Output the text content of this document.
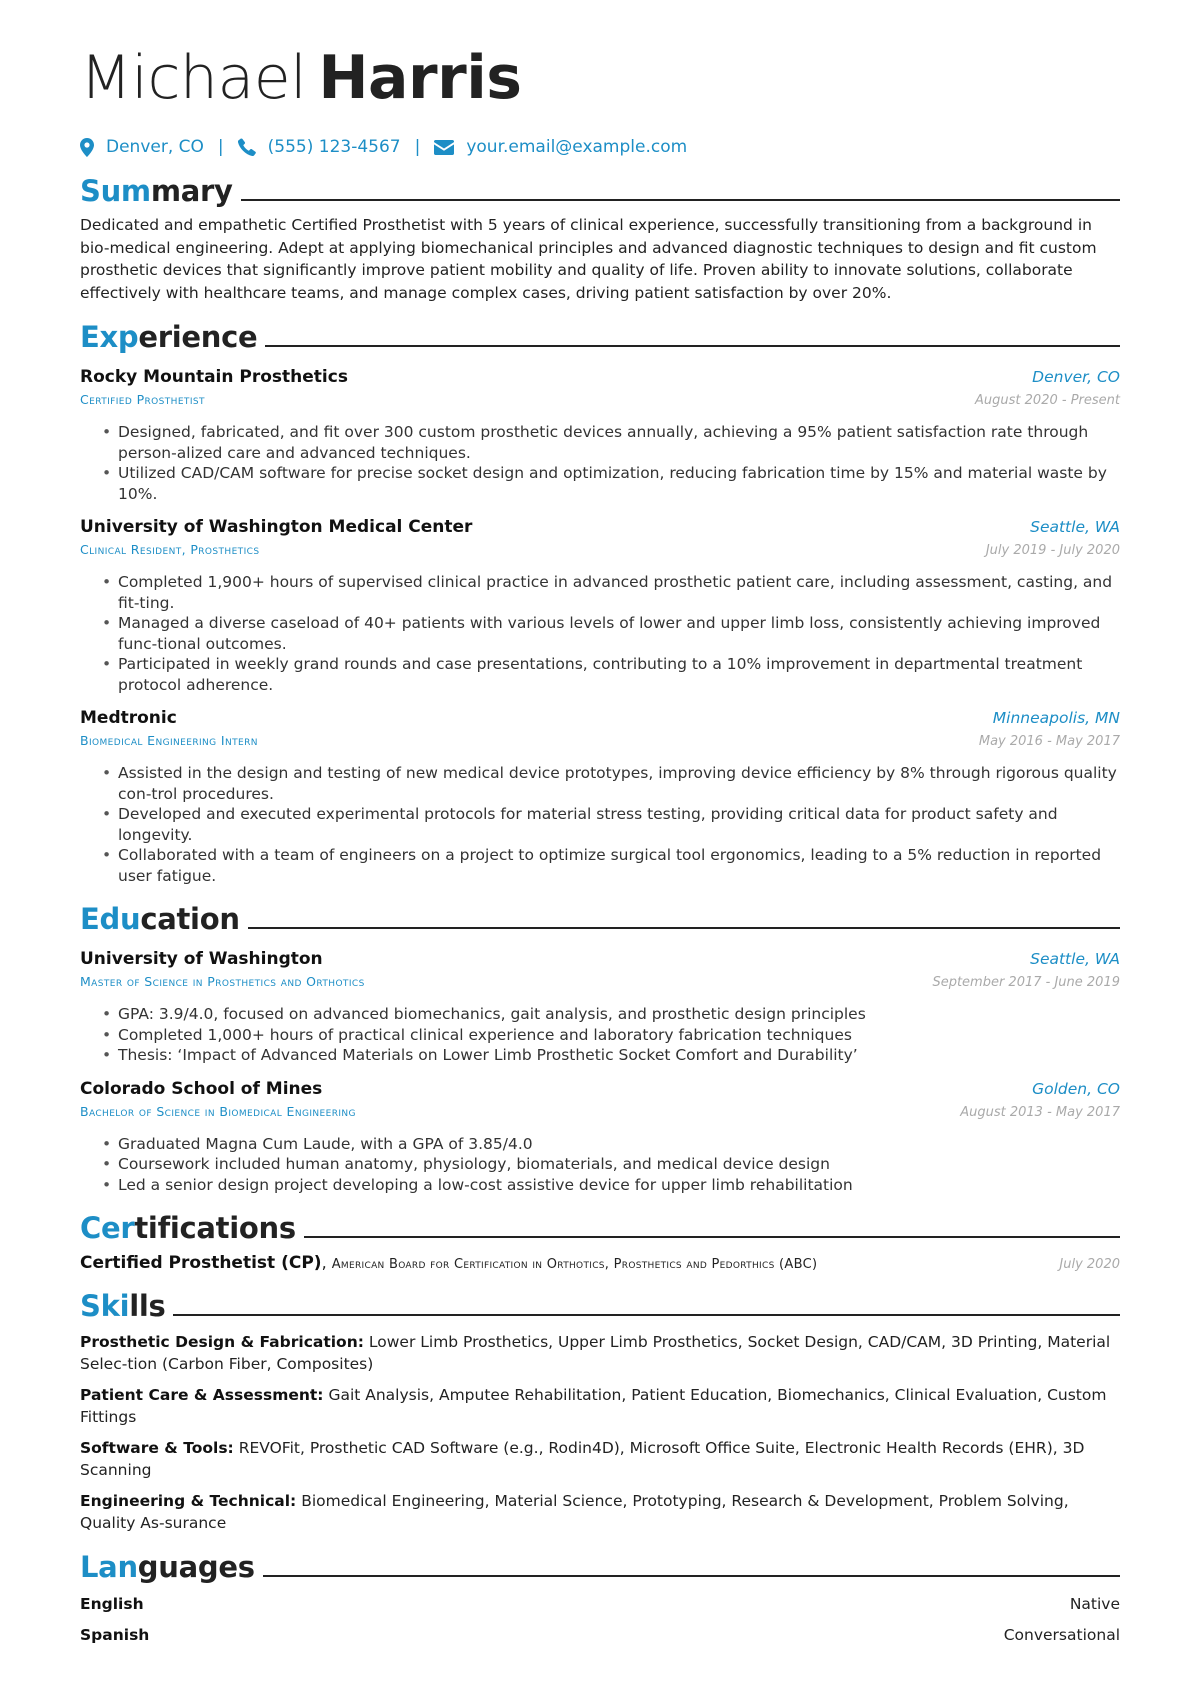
Michael Harris
Denver, CO |	(555) 123-4567 |	your.email@example.com
Summary

Dedicated and empathetic Certified Prosthetist with 5 years of clinical experience, successfully transitioning from a background in bio-medical engineering. Adept at applying biomechanical principles and advanced diagnostic techniques to design and fit custom prosthetic devices that significantly improve patient mobility and quality of life. Proven ability to innovate solutions, collaborate effectively with healthcare teams, and manage complex cases, driving patient satisfaction by over 20%.

Experience
Rocky Mountain Prosthetics	Denver, CO
Certified Prosthetist	August 2020 - Present
• Designed, fabricated, and fit over 300 custom prosthetic devices annually, achieving a 95% patient satisfaction rate through person-alized care and advanced techniques.
• Utilized CAD/CAM software for precise socket design and optimization, reducing fabrication time by 15% and material waste by 10%.
University of Washington Medical Center	Seattle, WA
Clinical Resident, Prosthetics	July 2019 - July 2020
• Completed 1,900+ hours of supervised clinical practice in advanced prosthetic patient care, including assessment, casting, and fit-ting.
• Managed a diverse caseload of 40+ patients with various levels of lower and upper limb loss, consistently achieving improved func-tional outcomes.
• Participated in weekly grand rounds and case presentations, contributing to a 10% improvement in departmental treatment protocol adherence.
Medtronic	Minneapolis, MN
Biomedical Engineering Intern	May 2016 - May 2017
• Assisted in the design and testing of new medical device prototypes, improving device efficiency by 8% through rigorous quality con-trol procedures.
• Developed and executed experimental protocols for material stress testing, providing critical data for product safety and longevity.
• Collaborated with a team of engineers on a project to optimize surgical tool ergonomics, leading to a 5% reduction in reported user fatigue.
Education
University of Washington	Seattle, WA
Master of Science in Prosthetics and Orthotics	September 2017 - June 2019
• GPA: 3.9/4.0, focused on advanced biomechanics, gait analysis, and prosthetic design principles
• Completed 1,000+ hours of practical clinical experience and laboratory fabrication techniques
• Thesis: ‘Impact of Advanced Materials on Lower Limb Prosthetic Socket Comfort and Durability’
Colorado School of Mines	Golden, CO
Bachelor of Science in Biomedical Engineering	August 2013 - May 2017
• Graduated Magna Cum Laude, with a GPA of 3.85/4.0
• Coursework included human anatomy, physiology, biomaterials, and medical device design
• Led a senior design project developing a low-cost assistive device for upper limb rehabilitation
Certifications
Certified Prosthetist (CP), American Board for Certification in Orthotics, Prosthetics and Pedorthics (ABC)	July 2020
Skills

Prosthetic Design & Fabrication: Lower Limb Prosthetics, Upper Limb Prosthetics, Socket Design, CAD/CAM, 3D Printing, Material Selec-tion (Carbon Fiber, Composites)

Patient Care & Assessment: Gait Analysis, Amputee Rehabilitation, Patient Education, Biomechanics, Clinical Evaluation, Custom Fittings

Software & Tools: REVOFit, Prosthetic CAD Software (e.g., Rodin4D), Microsoft Office Suite, Electronic Health Records (EHR), 3D Scanning

Engineering & Technical: Biomedical Engineering, Material Science, Prototyping, Research & Development, Problem Solving, Quality As-surance

Languages
English	Native
Spanish	Conversational
